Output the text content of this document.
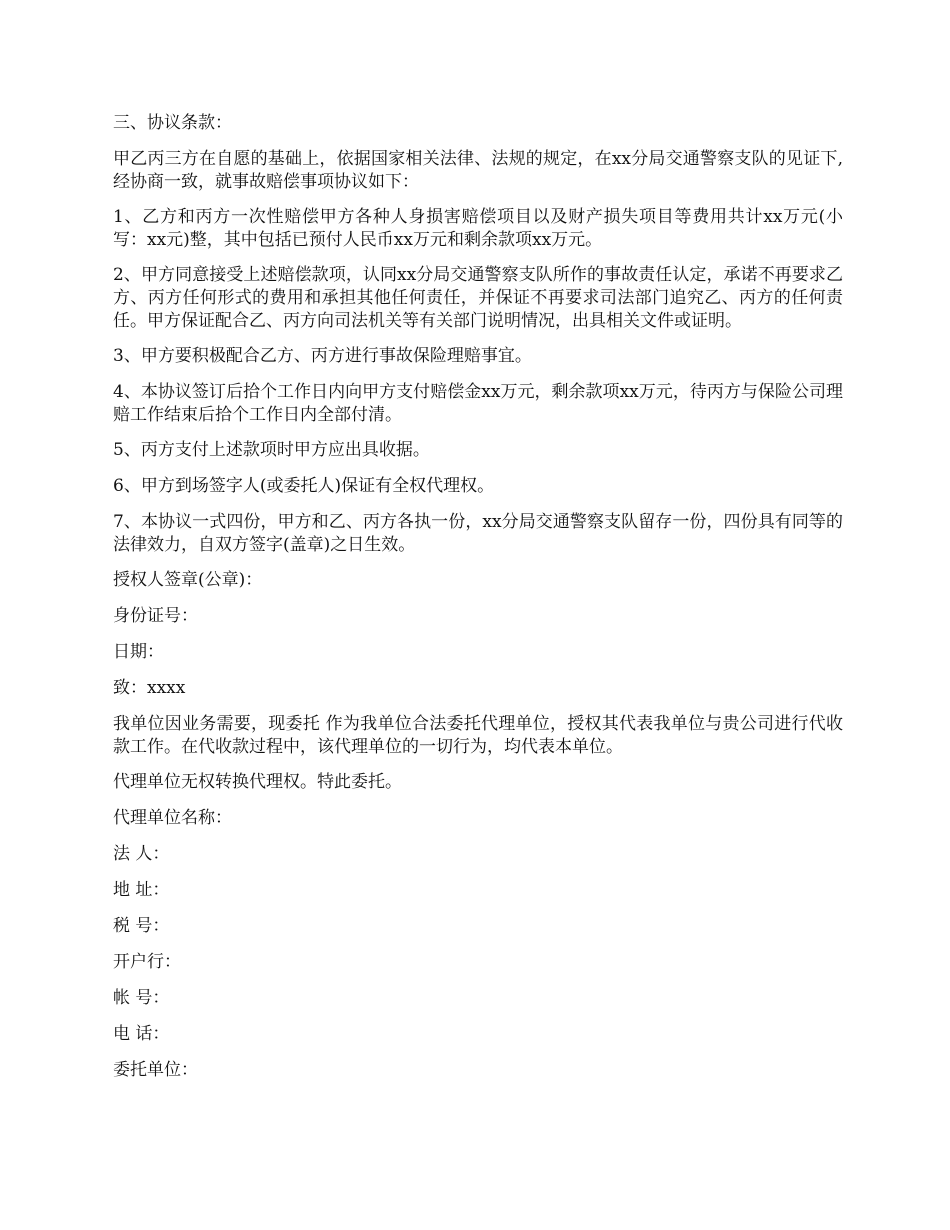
三、协议条款：

甲乙丙三方在自愿的基础上，依据国家相关法律、法规的规定，在xx分局交通警察支队的见证下,经协商一致，就事故赔偿事项协议如下：

1、乙方和丙方一次性赔偿甲方各种人身损害赔偿项目以及财产损失项目等费用共计xx万元(小写：xx元)整，其中包括已预付人民币xx万元和剩余款项xx万元。

2、甲方同意接受上述赔偿款项，认同xx分局交通警察支队所作的事故责任认定，承诺不再要求乙方、丙方任何形式的费用和承担其他任何责任，并保证不再要求司法部门追究乙、丙方的任何责任。甲方保证配合乙、丙方向司法机关等有关部门说明情况，出具相关文件或证明。

3、甲方要积极配合乙方、丙方进行事故保险理赔事宜。

4、本协议签订后拾个工作日内向甲方支付赔偿金xx万元，剩余款项xx万元，待丙方与保险公司理赔工作结束后拾个工作日内全部付清。

5、丙方支付上述款项时甲方应出具收据。

6、甲方到场签字人(或委托人)保证有全权代理权。

7、本协议一式四份，甲方和乙、丙方各执一份，xx分局交通警察支队留存一份，四份具有同等的法律效力，自双方签字(盖章)之日生效。

授权人签章(公章)：

身份证号：

日期：

致：xxxx

我单位因业务需要，现委托 作为我单位合法委托代理单位，授权其代表我单位与贵公司进行代收款工作。在代收款过程中，该代理单位的一切行为，均代表本单位。

代理单位无权转换代理权。特此委托。

代理单位名称：

法 人：

地 址：

税 号：

开户行：

帐 号：

电 话：

委托单位：
